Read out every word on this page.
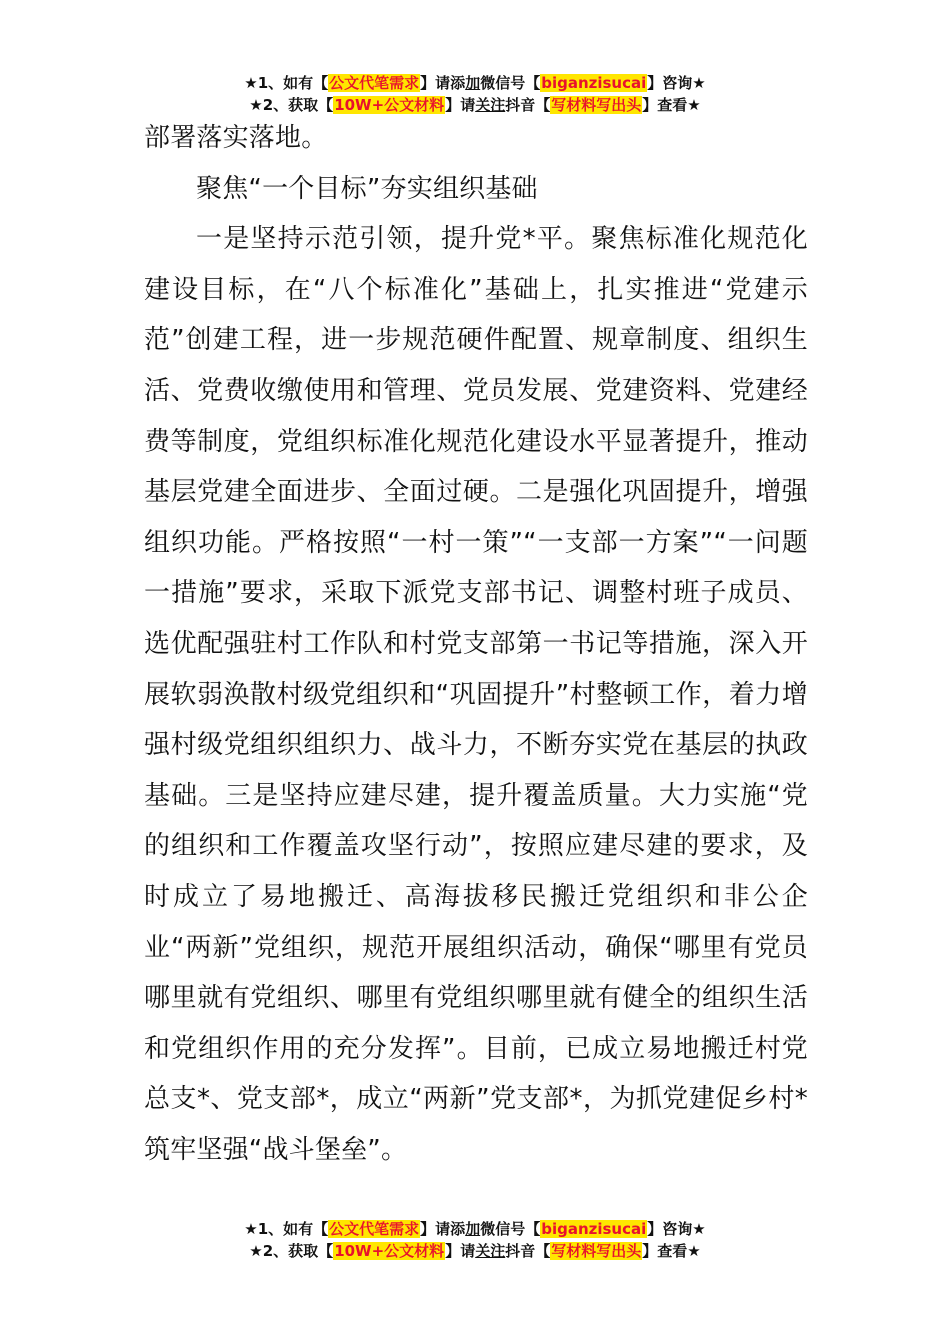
★1、如有【公文代笔需求】请添加微信号【biganzisucai】咨询★
★2、获取【10W+公文材料】请关注抖音【写材料写出头】查看★

部署落实落地。

聚焦“一个目标”夯实组织基础

一是坚持示范引领，提升党*平。聚焦标准化规范化建设目标，在“八个标准化”基础上，扎实推进“党建示范”创建工程，进一步规范硬件配置、规章制度、组织生活、党费收缴使用和管理、党员发展、党建资料、党建经费等制度，党组织标准化规范化建设水平显著提升，推动基层党建全面进步、全面过硬。二是强化巩固提升，增强组织功能。严格按照“一村一策”“一支部一方案”“一问题一措施”要求，采取下派党支部书记、调整村班子成员、选优配强驻村工作队和村党支部第一书记等措施，深入开展软弱涣散村级党组织和“巩固提升”村整顿工作，着力增强村级党组织组织力、战斗力，不断夯实党在基层的执政基础。三是坚持应建尽建，提升覆盖质量。大力实施“党的组织和工作覆盖攻坚行动”，按照应建尽建的要求，及时成立了易地搬迁、高海拔移民搬迁党组织和非公企业“两新”党组织，规范开展组织活动，确保“哪里有党员哪里就有党组织、哪里有党组织哪里就有健全的组织生活和党组织作用的充分发挥”。目前，已成立易地搬迁村党总支*、党支部*，成立“两新”党支部*，为抓党建促乡村*筑牢坚强“战斗堡垒”。

★1、如有【公文代笔需求】请添加微信号【biganzisucai】咨询★
★2、获取【10W+公文材料】请关注抖音【写材料写出头】查看★
